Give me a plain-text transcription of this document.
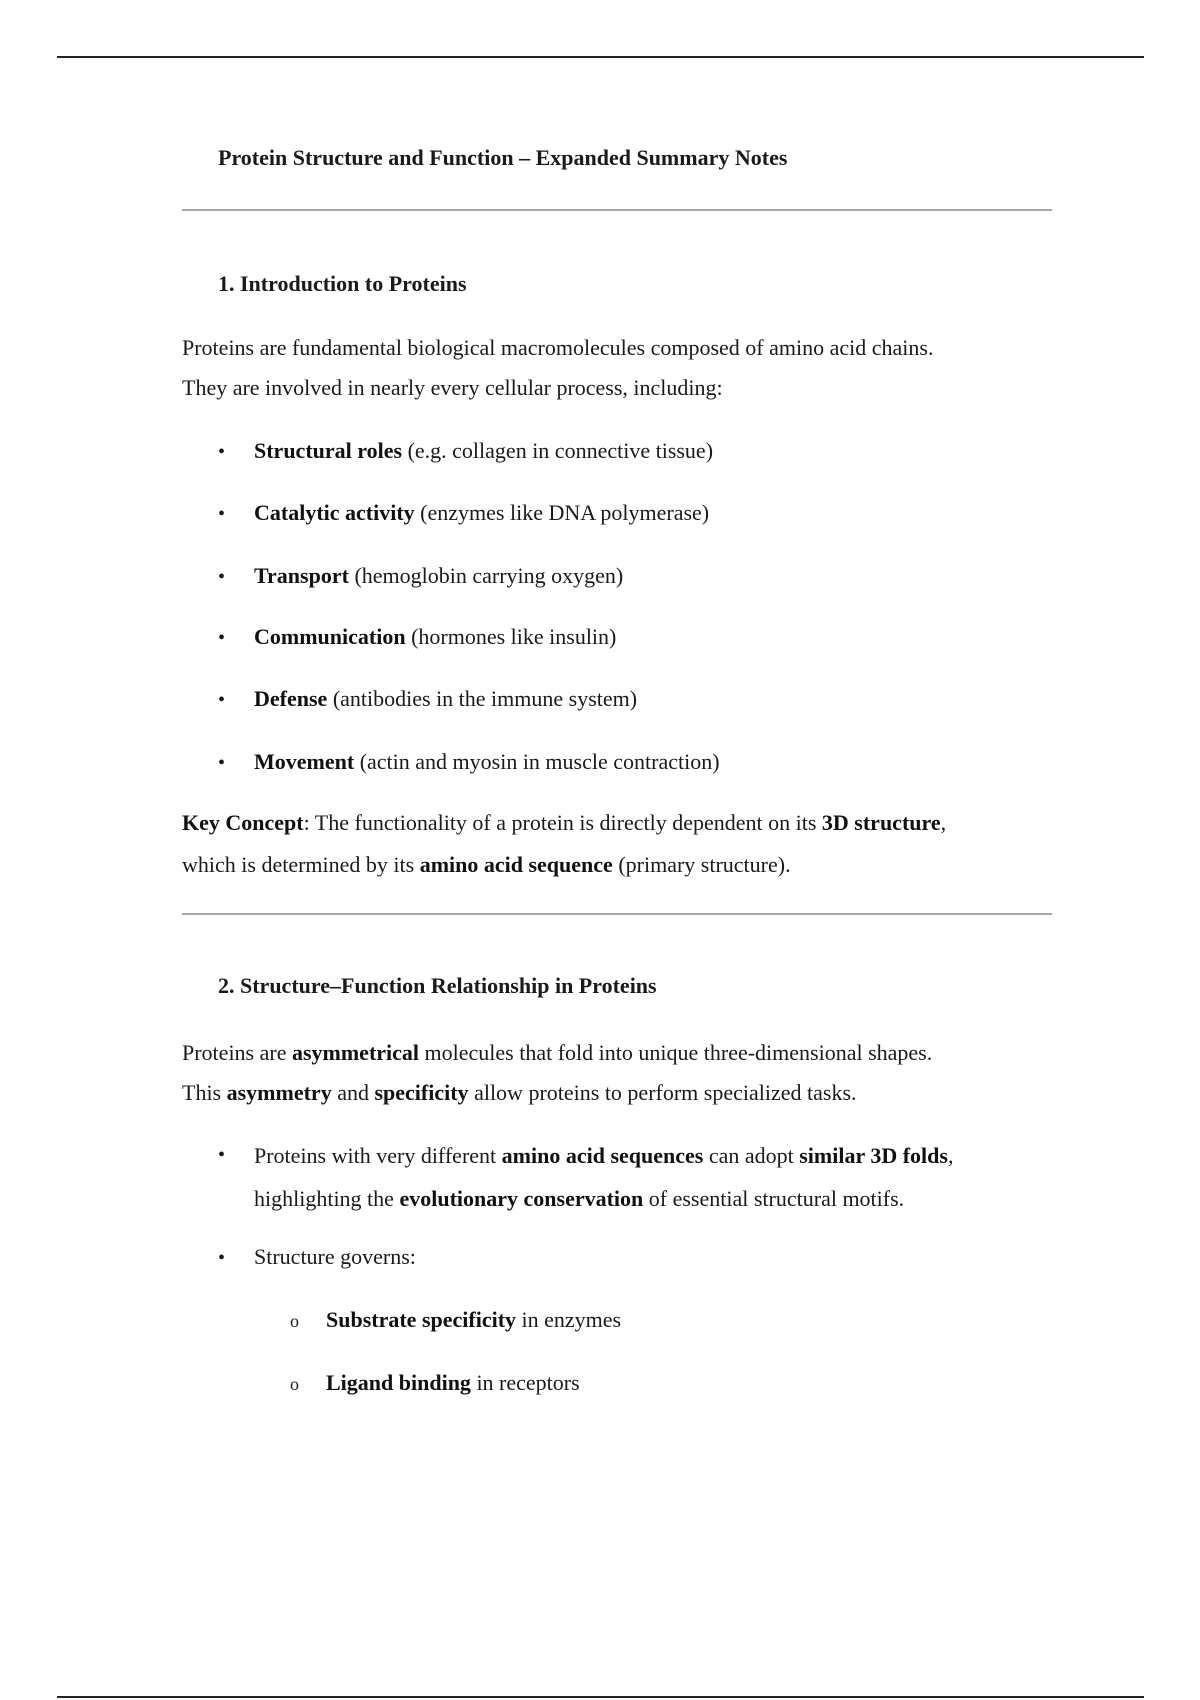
Protein Structure and Function – Expanded Summary Notes
1. Introduction to Proteins

Proteins are fundamental biological macromolecules composed of amino acid chains.
They are involved in nearly every cellular process, including:

• Structural roles (e.g. collagen in connective tissue)
• Catalytic activity (enzymes like DNA polymerase)
• Transport (hemoglobin carrying oxygen)
• Communication (hormones like insulin)
• Defense (antibodies in the immune system)
• Movement (actin and myosin in muscle contraction)

Key Concept: The functionality of a protein is directly dependent on its 3D structure,
which is determined by its amino acid sequence (primary structure).

2. Structure–Function Relationship in Proteins

Proteins are asymmetrical molecules that fold into unique three-dimensional shapes.
This asymmetry and specificity allow proteins to perform specialized tasks.

• Proteins with very different amino acid sequences can adopt similar 3D folds,
highlighting the evolutionary conservation of essential structural motifs.
• Structure governs:
o Substrate specificity in enzymes
o Ligand binding in receptors
